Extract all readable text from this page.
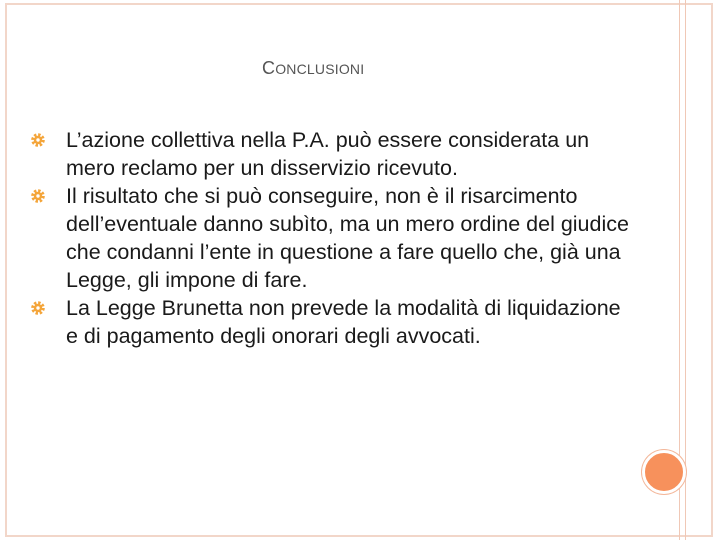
CONCLUSIONI
L’azione collettiva nella P.A. può essere considerata un mero reclamo per un disservizio ricevuto.
Il risultato che si può conseguire, non è il risarcimento dell’eventuale danno subìto, ma un mero ordine del giudice che condanni l’ente in questione a fare quello che, già una Legge, gli impone di fare.
La Legge Brunetta non prevede la modalità di liquidazione e di pagamento degli onorari degli avvocati.
